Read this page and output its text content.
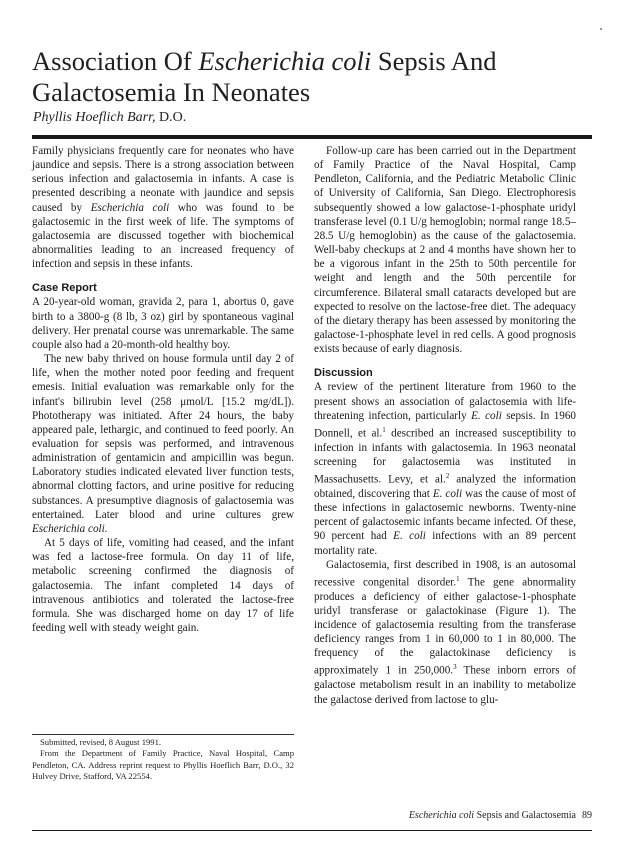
Association Of Escherichia coli Sepsis And Galactosemia In Neonates
Phyllis Hoeflich Barr, D.O.

Family physicians frequently care for neonates who have jaundice and sepsis. There is a strong association between serious infection and galactosemia in infants. A case is presented describing a neonate with jaundice and sepsis caused by Escherichia coli who was found to be galactosemic in the first week of life. The symptoms of galactosemia are discussed together with biochemical abnormalities leading to an increased frequency of infection and sepsis in these infants.

Case Report

A 20-year-old woman, gravida 2, para 1, abortus 0, gave birth to a 3800-g (8 lb, 3 oz) girl by spontaneous vaginal delivery. Her prenatal course was unremarkable. The same couple also had a 20-month-old healthy boy.

The new baby thrived on house formula until day 2 of life, when the mother noted poor feeding and frequent emesis. Initial evaluation was remarkable only for the infant's bilirubin level (258 μmol/L [15.2 mg/dL]). Phototherapy was initiated. After 24 hours, the baby appeared pale, lethargic, and continued to feed poorly. An evaluation for sepsis was performed, and intravenous administration of gentamicin and ampicillin was begun. Laboratory studies indicated elevated liver function tests, abnormal clotting factors, and urine positive for reducing substances. A presumptive diagnosis of galactosemia was entertained. Later blood and urine cultures grew Escherichia coli.

At 5 days of life, vomiting had ceased, and the infant was fed a lactose-free formula. On day 11 of life, metabolic screening confirmed the diagnosis of galactosemia. The infant completed 14 days of intravenous antibiotics and tolerated the lactose-free formula. She was discharged home on day 17 of life feeding well with steady weight gain.

Submitted, revised, 8 August 1991.

From the Department of Family Practice, Naval Hospital, Camp Pendleton, CA. Address reprint request to Phyllis Hoeflich Barr, D.O., 32 Hulvey Drive, Stafford, VA 22554.

Follow-up care has been carried out in the Department of Family Practice of the Naval Hospital, Camp Pendleton, California, and the Pediatric Metabolic Clinic of University of California, San Diego. Electrophoresis subsequently showed a low galactose-1-phosphate uridyl transferase level (0.1 U/g hemoglobin; normal range 18.5–28.5 U/g hemoglobin) as the cause of the galactosemia. Well-baby checkups at 2 and 4 months have shown her to be a vigorous infant in the 25th to 50th percentile for weight and length and the 50th percentile for circumference. Bilateral small cataracts developed but are expected to resolve on the lactose-free diet. The adequacy of the dietary therapy has been assessed by monitoring the galactose-1-phosphate level in red cells. A good prognosis exists because of early diagnosis.

Discussion

A review of the pertinent literature from 1960 to the present shows an association of galactosemia with life-threatening infection, particularly E. coli sepsis. In 1960 Donnell, et al.$^1$ described an increased susceptibility to infection in infants with galactosemia. In 1963 neonatal screening for galactosemia was instituted in Massachusetts. Levy, et al.$^2$ analyzed the information obtained, discovering that E. coli was the cause of most of these infections in galactosemic newborns. Twenty-nine percent of galactosemic infants became infected. Of these, 90 percent had E. coli infections with an 89 percent mortality rate.

Galactosemia, first described in 1908, is an autosomal recessive congenital disorder.$^1$ The gene abnormality produces a deficiency of either galactose-1-phosphate uridyl transferase or galactokinase (Figure 1). The incidence of galactosemia resulting from the transferase deficiency ranges from 1 in 60,000 to 1 in 80,000. The frequency of the galactokinase deficiency is approximately 1 in 250,000.$^3$ These inborn errors of galactose metabolism result in an inability to metabolize the galactose derived from lactose to glu-

Escherichia coli Sepsis and Galactosemia 89
